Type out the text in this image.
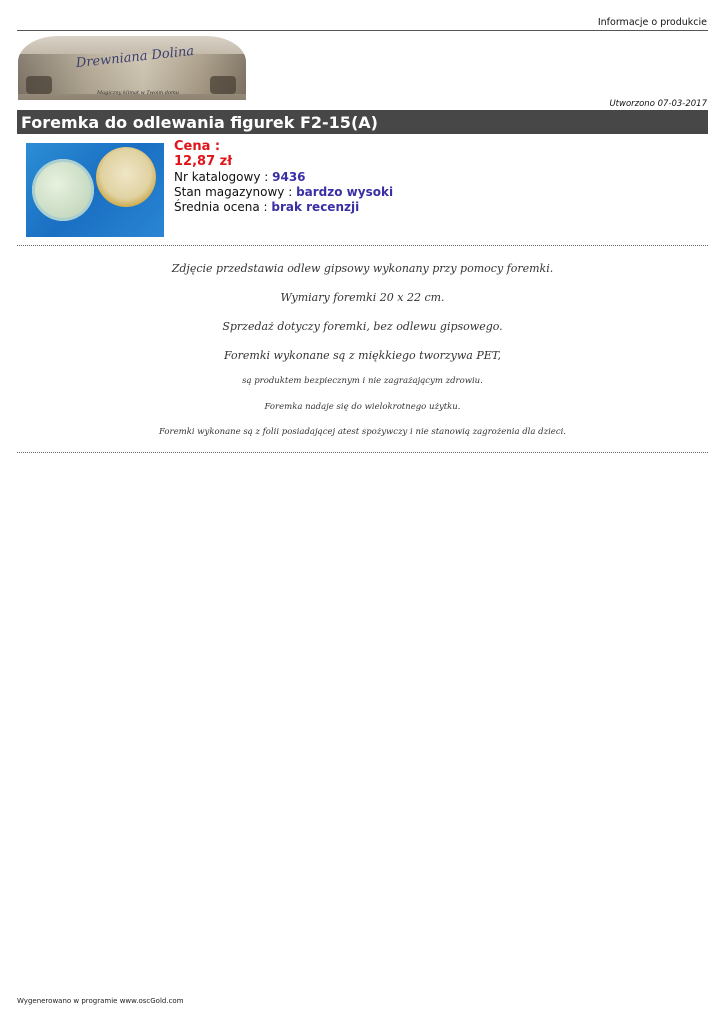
Informacje o produkcie
Drewniana Dolina
Magiczny klimat w Twoim domu
Utworzono 07-03-2017
Foremka do odlewania figurek F2-15(A)
Cena :
12,87 zł
Nr katalogowy : 9436
Stan magazynowy : bardzo wysoki
Średnia ocena : brak recenzji
Zdjęcie przedstawia odlew gipsowy wykonany przy pomocy foremki.
Wymiary foremki 20 x 22 cm.
Sprzedaż dotyczy foremki, bez odlewu gipsowego.
Foremki wykonane są z miękkiego tworzywa PET,
są produktem bezpiecznym i nie zagrażającym zdrowiu.
Foremka nadaje się do wielokrotnego użytku.
Foremki wykonane są z folii posiadającej atest spożywczy i nie stanowią zagrożenia dla dzieci.
Wygenerowano w programie www.oscGold.com
